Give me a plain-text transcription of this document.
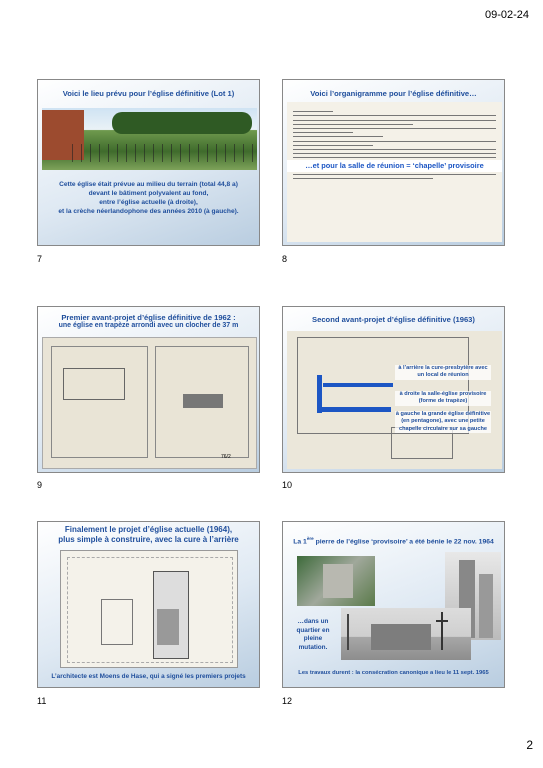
09-02-24
Voici le lieu prévu pour l’église définitive (Lot 1)
Cette église était prévue au milieu du terrain (total 44,8 a)
devant le bâtiment polyvalent au fond,
entre l’église actuelle (à droite),
et la crèche néerlandophone des années 2010 (à gauche).
7
Voici l’organigramme pour l’église définitive…
…et pour la salle de réunion = ‘chapelle’ provisoire
8
Premier avant-projet d’église définitive de 1962 :
une église en trapèze arrondi avec un clocher de 37 m
76/2
9
Second avant-projet d’église définitive (1963)
à l’arrière la cure-presbytère avec un local de réunion
à droite la salle-église provisoire (forme de trapèze)
à gauche la grande église définitive (en pentagone), avec une petite chapelle circulaire sur sa gauche
10
Finalement le projet d’église actuelle (1964),
plus simple à construire, avec la cure à l’arrière
L’architecte est Moens de Hase, qui a signé les premiers projets
11
La 1ère pierre de l’église ‘provisoire’ a été bénie le 22 nov. 1964
…dans un quartier en pleine mutation.
Les travaux durent : la consécration canonique a lieu le 11 sept. 1965
12
2
